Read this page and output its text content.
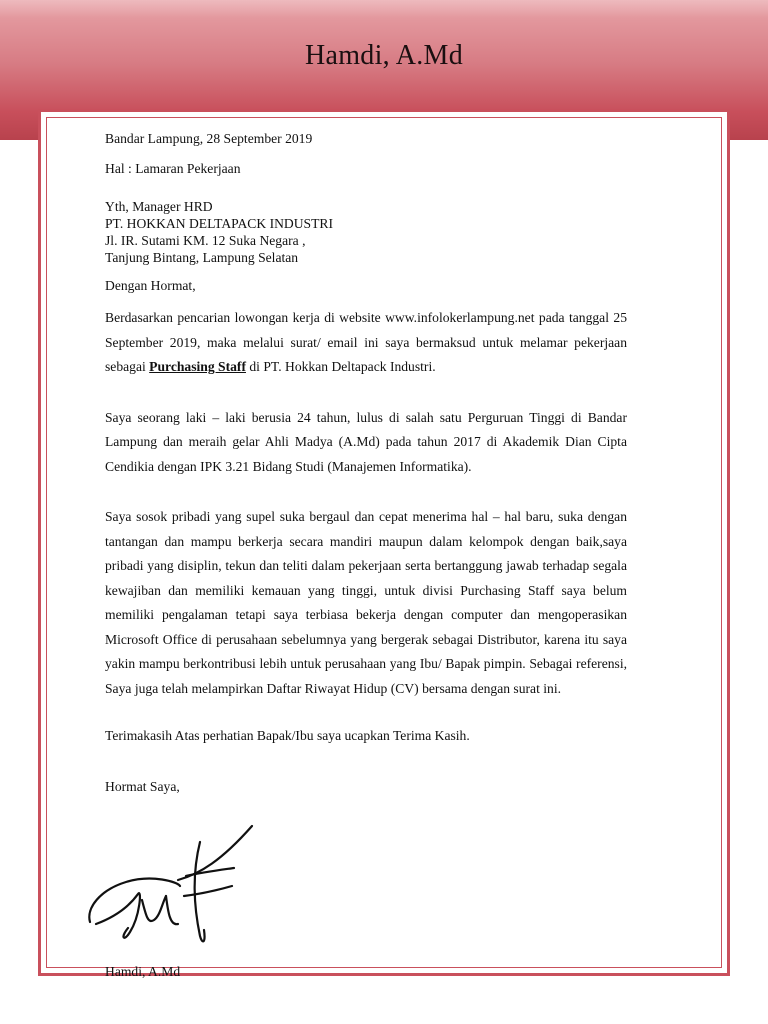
Hamdi, A.Md

Bandar Lampung, 28 September 2019

Hal : Lamaran Pekerjaan

Yth, Manager HRD
PT. HOKKAN DELTAPACK INDUSTRI
Jl. IR. Sutami KM. 12 Suka Negara ,
Tanjung Bintang, Lampung Selatan

Dengan Hormat,

Berdasarkan pencarian lowongan kerja di website www.infolokerlampung.net pada tanggal 25 September 2019, maka melalui surat/ email ini saya bermaksud untuk melamar pekerjaan sebagai Purchasing Staff di PT. Hokkan Deltapack Industri.

Saya seorang laki – laki berusia 24 tahun, lulus di salah satu Perguruan Tinggi di Bandar Lampung dan meraih gelar Ahli Madya (A.Md) pada tahun 2017 di Akademik Dian Cipta Cendikia dengan IPK 3.21 Bidang Studi (Manajemen Informatika).

Saya sosok pribadi yang supel suka bergaul dan cepat menerima hal – hal baru, suka dengan tantangan dan mampu berkerja secara mandiri maupun dalam kelompok dengan baik,saya pribadi yang disiplin, tekun dan teliti dalam pekerjaan serta bertanggung jawab terhadap segala kewajiban dan memiliki kemauan yang tinggi, untuk divisi Purchasing Staff saya belum memiliki pengalaman tetapi saya terbiasa bekerja dengan computer dan mengoperasikan Microsoft Office di perusahaan sebelumnya yang bergerak sebagai Distributor, karena itu saya yakin mampu berkontribusi lebih untuk perusahaan yang Ibu/ Bapak pimpin. Sebagai referensi, Saya juga telah melampirkan Daftar Riwayat Hidup (CV) bersama dengan surat ini.

Terimakasih Atas perhatian Bapak/Ibu saya ucapkan Terima Kasih.

Hormat Saya,

Hamdi, A.Md
